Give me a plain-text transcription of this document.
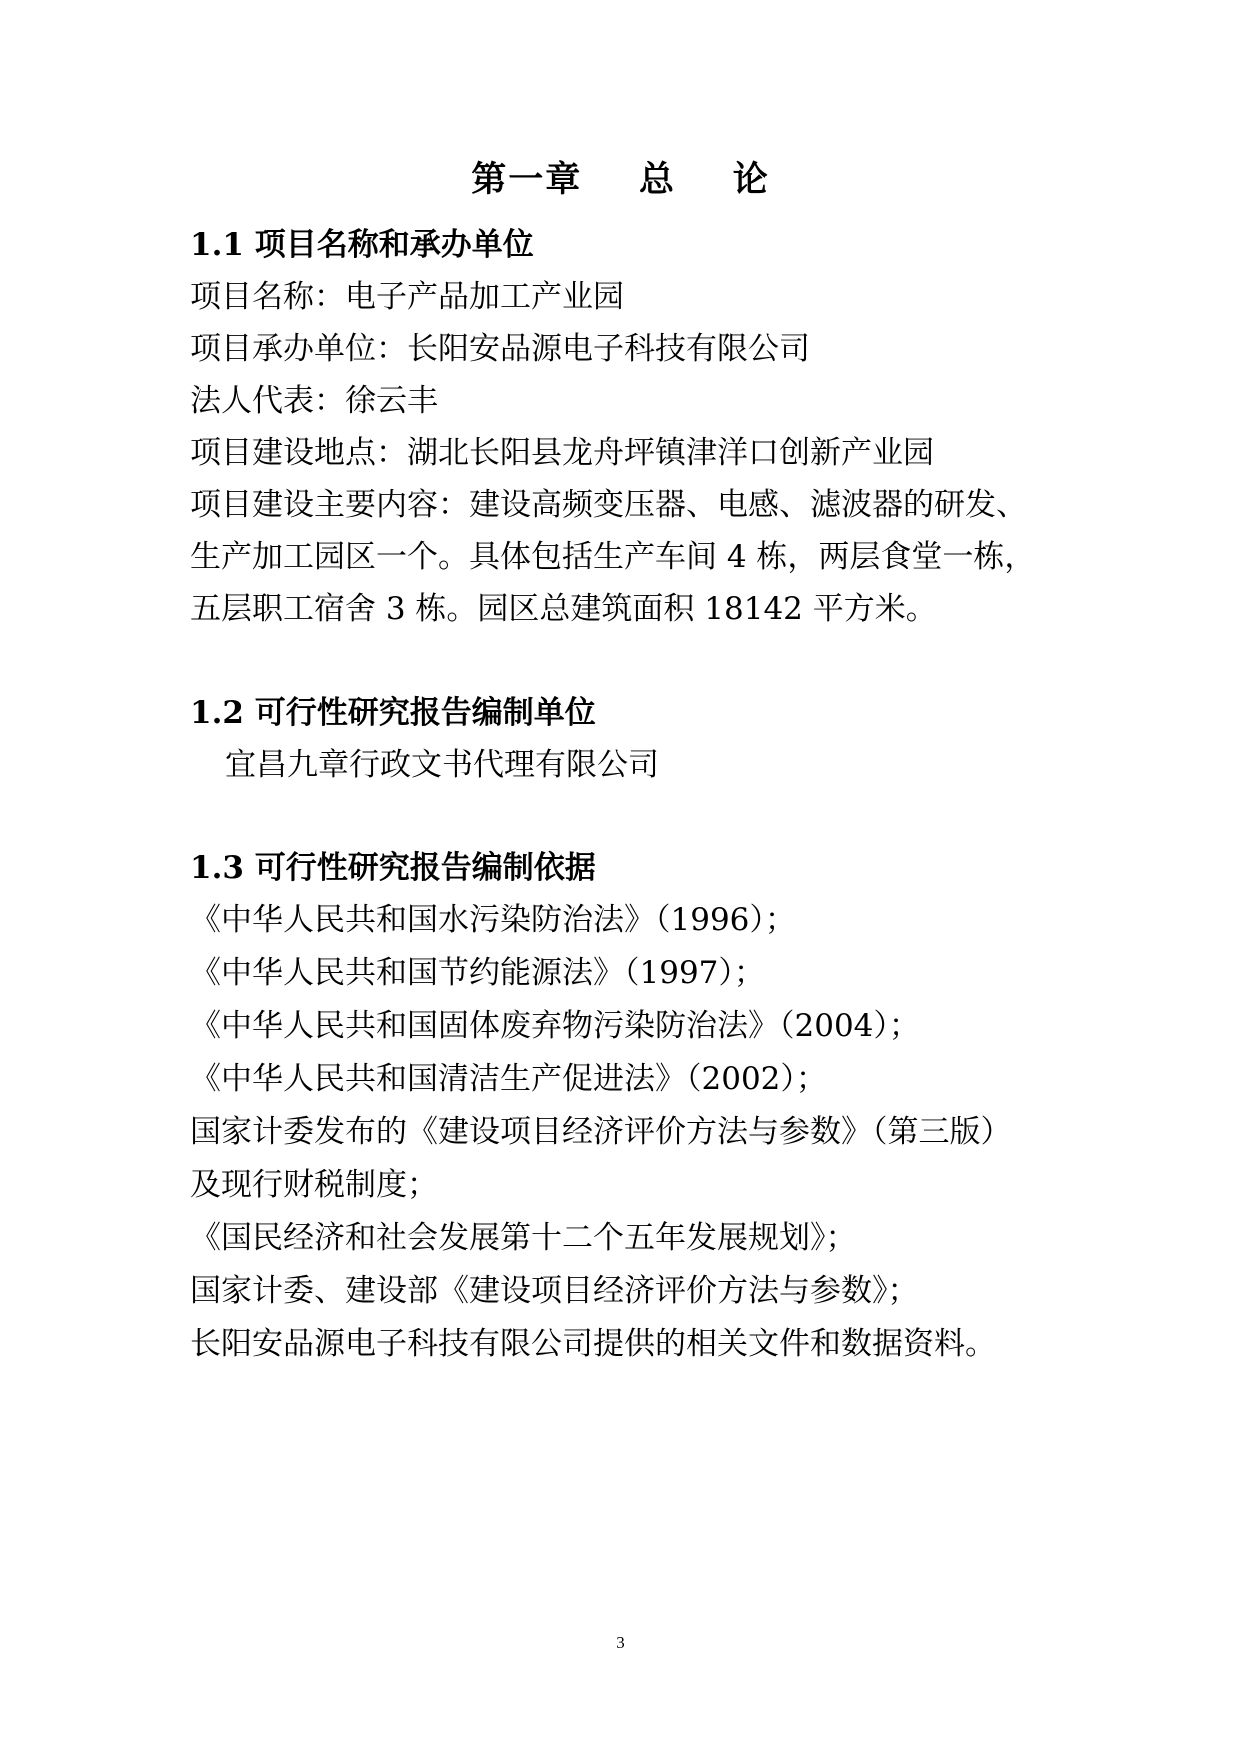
第一章    总    论
1.1 项目名称和承办单位
项目名称：电子产品加工产业园
项目承办单位：长阳安品源电子科技有限公司
法人代表：徐云丰
项目建设地点：湖北长阳县龙舟坪镇津洋口创新产业园
项目建设主要内容：建设高频变压器、电感、滤波器的研发、
生产加工园区一个。具体包括生产车间 4 栋，两层食堂一栋，
五层职工宿舍 3 栋。园区总建筑面积 18142 平方米。
1.2 可行性研究报告编制单位
宜昌九章行政文书代理有限公司
1.3 可行性研究报告编制依据
《中华人民共和国水污染防治法》（1996）；
《中华人民共和国节约能源法》（1997）；
《中华人民共和国固体废弃物污染防治法》（2004）；
《中华人民共和国清洁生产促进法》（2002）；
国家计委发布的《建设项目经济评价方法与参数》（第三版）
及现行财税制度；
《国民经济和社会发展第十二个五年发展规划》；
国家计委、建设部《建设项目经济评价方法与参数》；
长阳安品源电子科技有限公司提供的相关文件和数据资料。
3
